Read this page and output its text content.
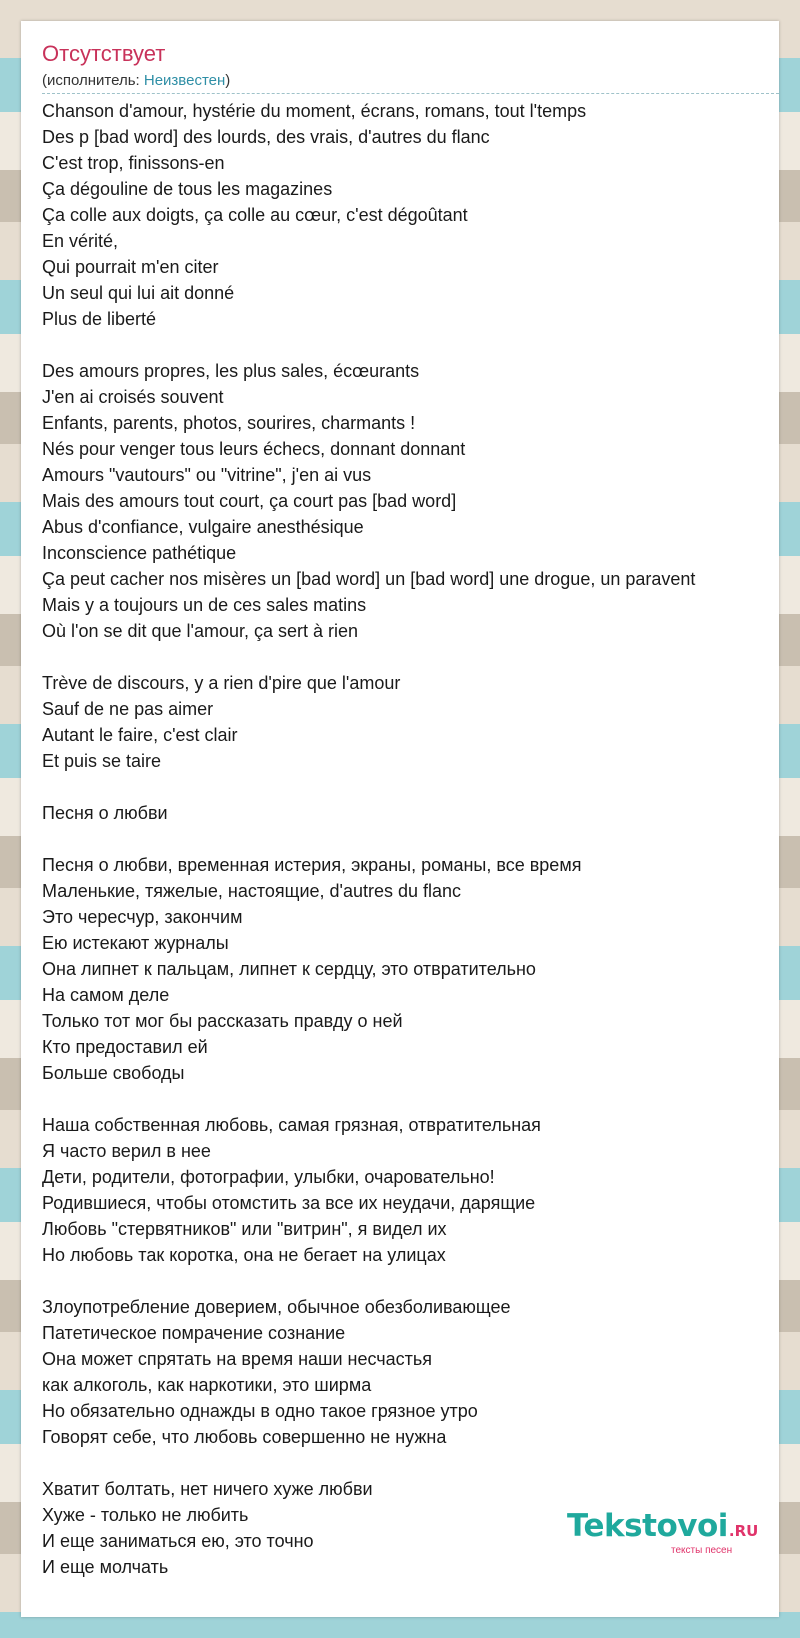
Отсутствует
(исполнитель: Неизвестен)
Chanson d'amour, hystérie du moment, écrans, romans, tout l'temps
Des p [bad word] des lourds, des vrais, d'autres du flanc
C'est trop, finissons-en
Ça dégouline de tous les magazines
Ça colle aux doigts, ça colle au cœur, c'est dégoûtant
En vérité,
Qui pourrait m'en citer
Un seul qui lui ait donné
Plus de liberté
Des amours propres, les plus sales, écœurants
J'en ai croisés souvent
Enfants, parents, photos, sourires, charmants !
Nés pour venger tous leurs échecs, donnant donnant
Amours "vautours" ou "vitrine", j'en ai vus
Mais des amours tout court, ça court pas [bad word]
Abus d'confiance, vulgaire anesthésique
Inconscience pathétique
Ça peut cacher nos misères un [bad word] un [bad word] une drogue, un paravent
Mais y a toujours un de ces sales matins
Où l'on se dit que l'amour, ça sert à rien
Trève de discours, y a rien d'pire que l'amour
Sauf de ne pas aimer
Autant le faire, c'est clair
Et puis se taire
Песня о любви
Песня о любви, временная истерия, экраны, романы, все время
Маленькие, тяжелые, настоящие, d'autres du flanc
Это чересчур, закончим
Ею истекают журналы
Она липнет к пальцам, липнет к сердцу, это отвратительно
На самом деле
Только тот мог бы рассказать правду о ней
Кто предоставил ей
Больше свободы
Наша собственная любовь, самая грязная, отвратительная
Я часто верил в нее
Дети, родители, фотографии, улыбки, очаровательно!
Родившиеся, чтобы отомстить за все их неудачи, дарящие
Любовь "стервятников" или "витрин", я видел их
Но любовь так коротка, она не бегает на улицах
Злоупотребление доверием, обычное обезболивающее
Патетическое помрачение сознание
Она может спрятать на время наши несчастья
как алкоголь, как наркотики, это ширма
Но обязательно однажды в одно такое грязное утро
Говорят себе, что любовь совершенно не нужна
Хватит болтать, нет ничего хуже любви
Хуже - только не любить
И еще заниматься ею, это точно
И еще молчать
Tekstovoi.RU
тексты песен
